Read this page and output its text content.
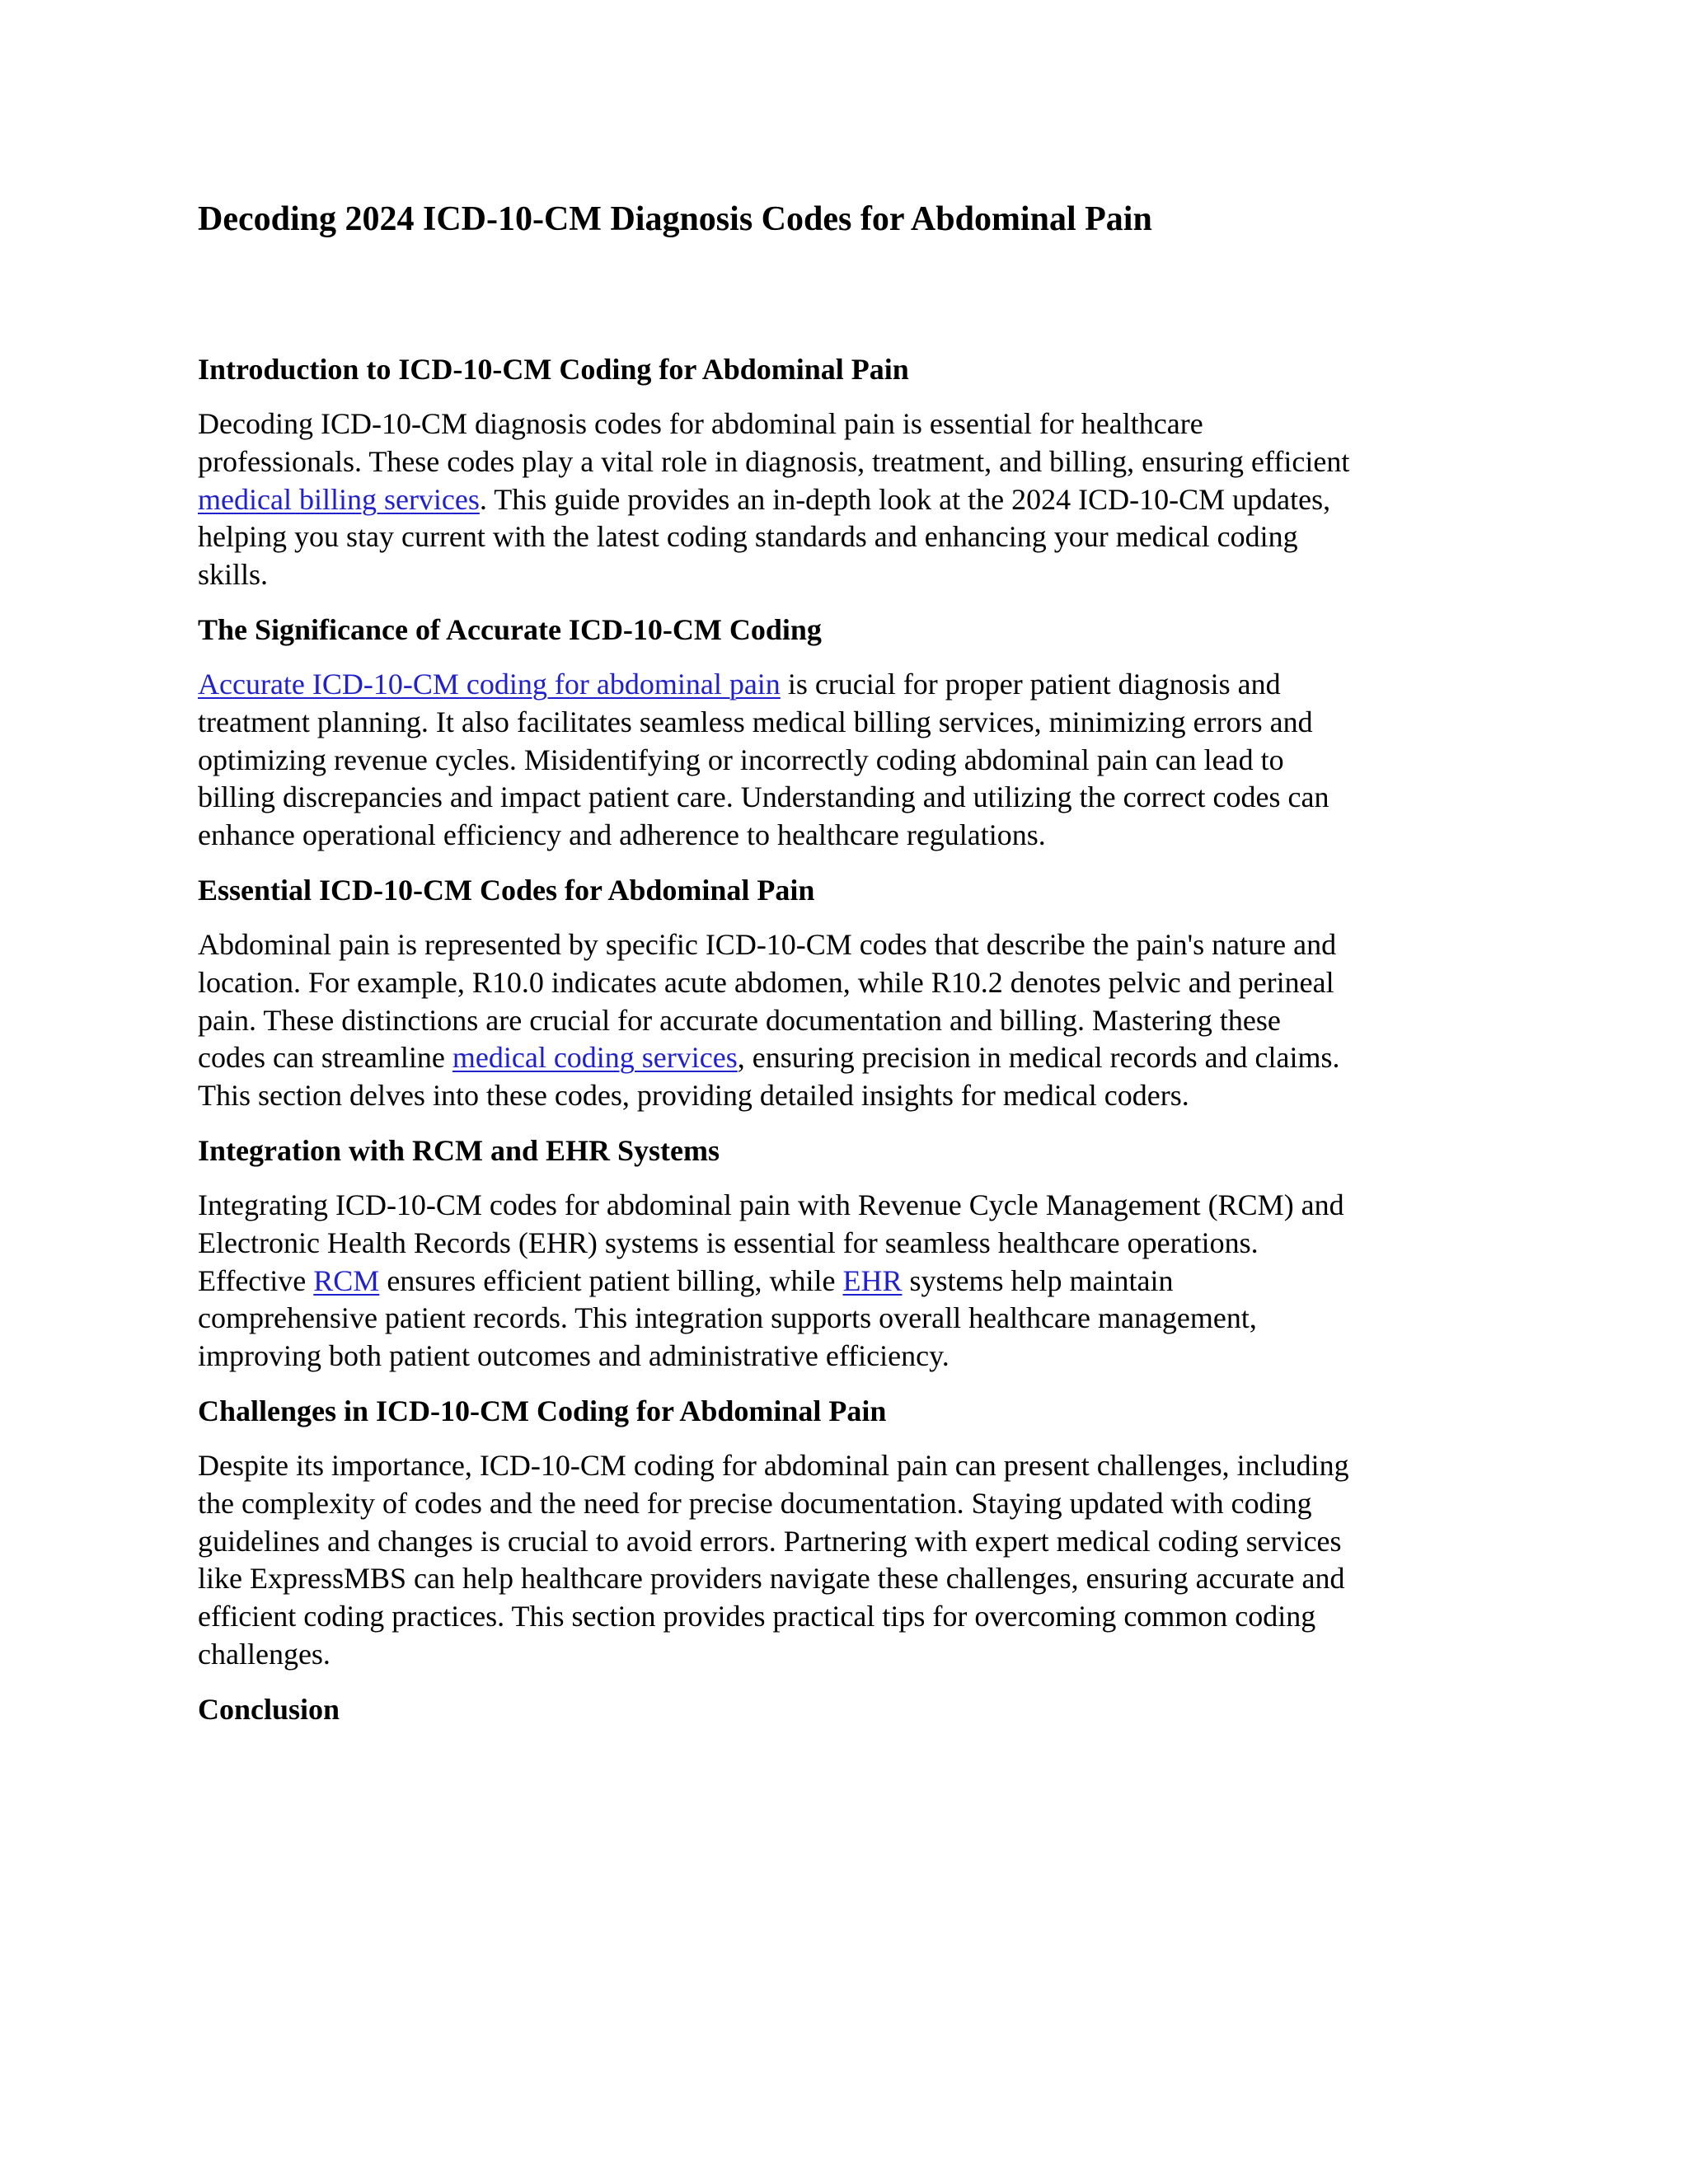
Decoding 2024 ICD-10-CM Diagnosis Codes for Abdominal Pain
Introduction to ICD-10-CM Coding for Abdominal Pain

Decoding ICD-10-CM diagnosis codes for abdominal pain is essential for healthcare
professionals. These codes play a vital role in diagnosis, treatment, and billing, ensuring efficient
medical billing services. This guide provides an in-depth look at the 2024 ICD-10-CM updates,
helping you stay current with the latest coding standards and enhancing your medical coding
skills.

The Significance of Accurate ICD-10-CM Coding

Accurate ICD-10-CM coding for abdominal pain is crucial for proper patient diagnosis and
treatment planning. It also facilitates seamless medical billing services, minimizing errors and
optimizing revenue cycles. Misidentifying or incorrectly coding abdominal pain can lead to
billing discrepancies and impact patient care. Understanding and utilizing the correct codes can
enhance operational efficiency and adherence to healthcare regulations.

Essential ICD-10-CM Codes for Abdominal Pain

Abdominal pain is represented by specific ICD-10-CM codes that describe the pain's nature and
location. For example, R10.0 indicates acute abdomen, while R10.2 denotes pelvic and perineal
pain. These distinctions are crucial for accurate documentation and billing. Mastering these
codes can streamline medical coding services, ensuring precision in medical records and claims.
This section delves into these codes, providing detailed insights for medical coders.

Integration with RCM and EHR Systems

Integrating ICD-10-CM codes for abdominal pain with Revenue Cycle Management (RCM) and
Electronic Health Records (EHR) systems is essential for seamless healthcare operations.
Effective RCM ensures efficient patient billing, while EHR systems help maintain
comprehensive patient records. This integration supports overall healthcare management,
improving both patient outcomes and administrative efficiency.

Challenges in ICD-10-CM Coding for Abdominal Pain

Despite its importance, ICD-10-CM coding for abdominal pain can present challenges, including
the complexity of codes and the need for precise documentation. Staying updated with coding
guidelines and changes is crucial to avoid errors. Partnering with expert medical coding services
like ExpressMBS can help healthcare providers navigate these challenges, ensuring accurate and
efficient coding practices. This section provides practical tips for overcoming common coding
challenges.

Conclusion
